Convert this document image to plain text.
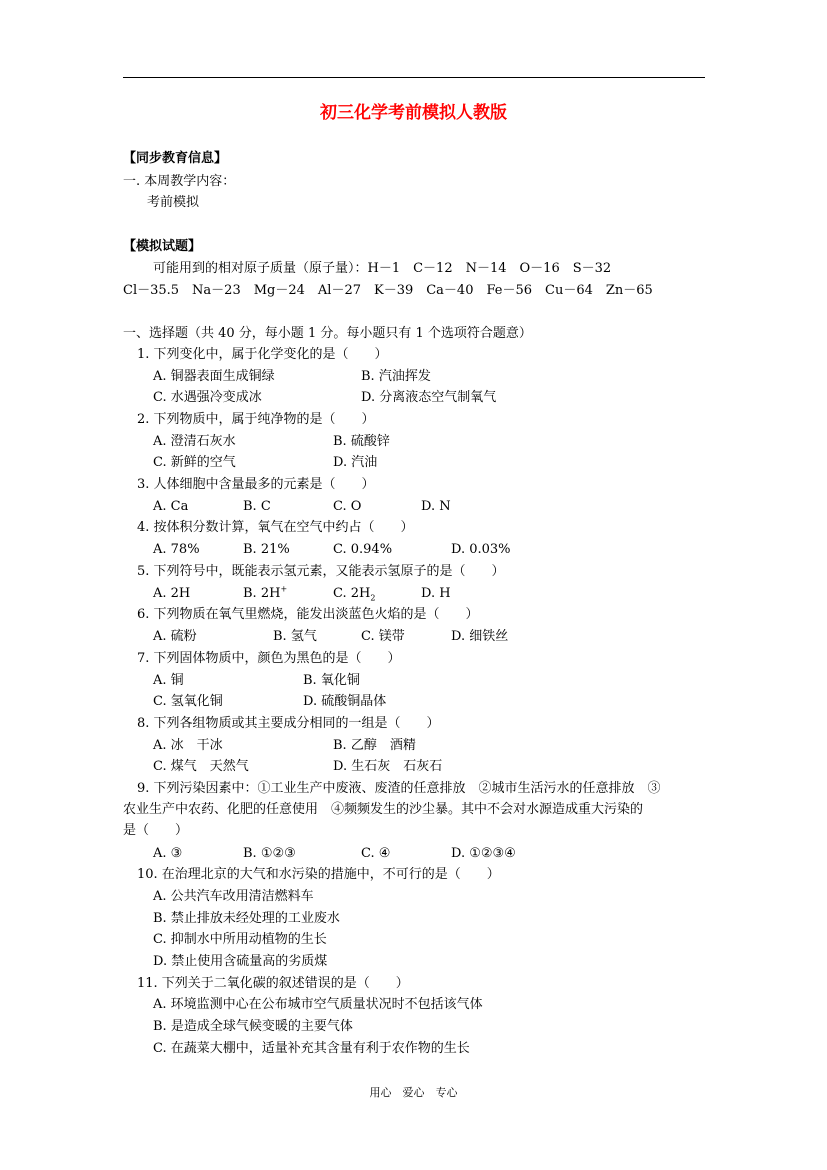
初三化学考前模拟人教版
【同步教育信息】
一. 本周教学内容：
考前模拟
【模拟试题】
可能用到的相对原子质量（原子量）：H－1　C－12　N－14　O－16　S－32
Cl－35.5　Na－23　Mg－24　Al－27　K－39　Ca－40　Fe－56　Cu－64　Zn－65
一、选择题（共 40 分，每小题 1 分。每小题只有 1 个选项符合题意）
1. 下列变化中，属于化学变化的是（　　）
A. 铜器表面生成铜绿	B. 汽油挥发
C. 水遇强冷变成冰	D. 分离液态空气制氧气
2. 下列物质中，属于纯净物的是（　　）
A. 澄清石灰水	B. 硫酸锌
C. 新鲜的空气	D. 汽油
3. 人体细胞中含量最多的元素是（　　）
A. Ca	B. C	C. O	D. N
4. 按体积分数计算，氧气在空气中约占（　　）
A. 78%	B. 21%	C. 0.94%	D. 0.03%
5. 下列符号中，既能表示氢元素，又能表示氢原子的是（　　）
A. 2H	B. 2H+	C. $2H_2$	D. H
6. 下列物质在氧气里燃烧，能发出淡蓝色火焰的是（　　）
A. 硫粉	B. 氢气	C. 镁带	D. 细铁丝
7. 下列固体物质中，颜色为黑色的是（　　）
A. 铜	B. 氧化铜
C. 氢氧化铜	D. 硫酸铜晶体
8. 下列各组物质或其主要成分相同的一组是（　　）
A. 冰　干冰	B. 乙醇　酒精
C. 煤气　天然气	D. 生石灰　石灰石
9. 下列污染因素中：①工业生产中废液、废渣的任意排放　②城市生活污水的任意排放　③
农业生产中农药、化肥的任意使用　④频频发生的沙尘暴。其中不会对水源造成重大污染的
是（　　）
A. ③	B. ①②③	C. ④	D. ①②③④
10. 在治理北京的大气和水污染的措施中，不可行的是（　　）
A. 公共汽车改用清洁燃料车
B. 禁止排放未经处理的工业废水
C. 抑制水中所用动植物的生长
D. 禁止使用含硫量高的劣质煤
11. 下列关于二氧化碳的叙述错误的是（　　）
A. 环境监测中心在公布城市空气质量状况时不包括该气体
B. 是造成全球气候变暖的主要气体
C. 在蔬菜大棚中，适量补充其含量有利于农作物的生长
用心　爱心　专心
